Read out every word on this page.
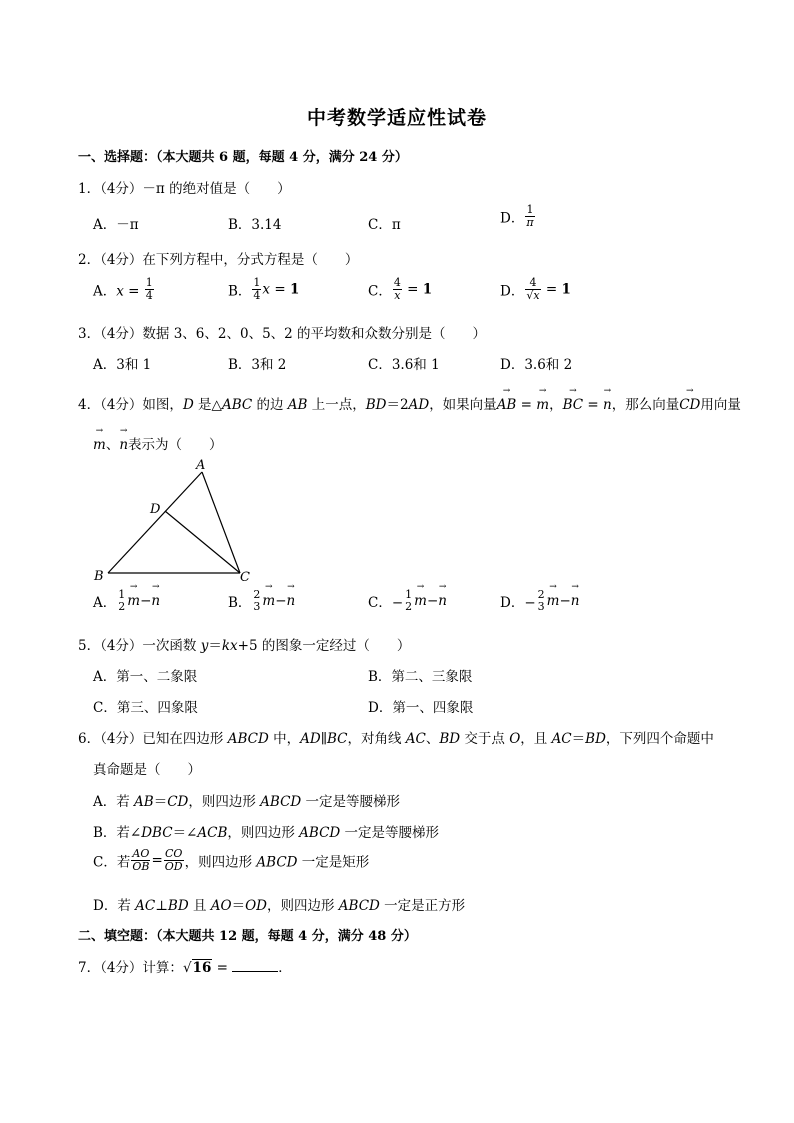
中考数学适应性试卷
一、选择题：（本大题共 6 题，每题 4 分，满分 24 分）
1．（4分）－π 的绝对值是（　　）
A．－π	B．3.14	C．π	D． $\frac{1}{\pi}$
2．（4分）在下列方程中，分式方程是（　　）
A．$x = \frac{1}{4}$	B． $\frac{1}{4}$ x = 1	C． $\frac{4}{x} = 1$	D． $\frac{4}{√x} = 1$
3．（4分）数据 3、6、2、0、5、2 的平均数和众数分别是（　　）
A．3和 1	B．3和 2	C．3.6和 1	D．3.6和 2
4．（4分）如图，D 是△ABC 的边 AB 上一点，BD＝2AD，如果向量→ AB = → m，→ BC = → n，那么向量→ CD用向量
→ m、→ n表示为（　　）
A
B	C
D
A．
1
2 → m−→ n	B．
2
3 → m−→ n	C．−
1
2 → m−→ n	D．−
2
3 → m−→ n
5．（4分）一次函数 y＝kx+5 的图象一定经过（　　）
A．第一、二象限	B．第二、三象限
C．第三、四象限	D．第一、四象限
6．（4分）已知在四边形 ABCD 中，AD∥BC，对角线 AC、BD 交于点 O，且 AC＝BD，下列四个命题中
真命题是（　　）
A．若 AB＝CD，则四边形 ABCD 一定是等腰梯形
B．若∠DBC＝∠ACB，则四边形 ABCD 一定是等腰梯形
C．若 $\frac{AO}{OB} = \frac{CO}{OD}$ ，则四边形 ABCD 一定是矩形
D．若 AC⊥BD 且 AO＝OD，则四边形 ABCD 一定是正方形
二、填空题：（本大题共 12 题，每题 4 分，满分 48 分）
7．（4分）计算：√16 =	．
